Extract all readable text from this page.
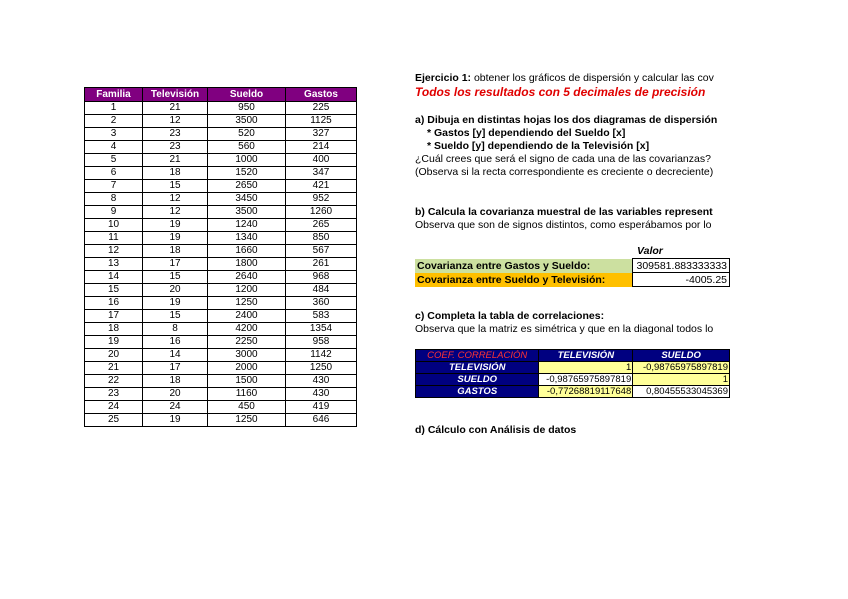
Familia	Televisión	Sueldo	Gastos
1	21	950	225
2	12	3500	1125
3	23	520	327
4	23	560	214
5	21	1000	400
6	18	1520	347
7	15	2650	421
8	12	3450	952
9	12	3500	1260
10	19	1240	265
11	19	1340	850
12	18	1660	567
13	17	1800	261
14	15	2640	968
15	20	1200	484
16	19	1250	360
17	15	2400	583
18	8	4200	1354
19	16	2250	958
20	14	3000	1142
21	17	2000	1250
22	18	1500	430
23	20	1160	430
24	24	450	419
25	19	1250	646
Ejercicio 1: obtener los gráficos de dispersión y calcular las cov
Todos los resultados con 5 decimales de precisión
a) Dibuja en distintas hojas los dos diagramas de dispersión
* Gastos [y] dependiendo del Sueldo [x]
* Sueldo [y] dependiendo de la Televisión [x]
¿Cuál crees que será el signo de cada una de las covarianzas?
(Observa si la recta correspondiente es creciente o decreciente)
b) Calcula la covarianza muestral de las variables represent
Observa que son de signos distintos, como esperábamos por lo
Valor
Covarianza entre Gastos y Sueldo:	309581.883333333
Covarianza entre Sueldo y Televisión:	-4005.25
c) Completa la tabla de correlaciones:
Observa que la matriz es simétrica y que en la diagonal todos lo
COEF. CORRELACIÓN	TELEVISIÓN	SUELDO
TELEVISIÓN	1	-0,98765975897819
SUELDO	-0,98765975897819	1
GASTOS	-0,77268819117648	0,80455533045369
d) Cálculo con Análisis de datos
